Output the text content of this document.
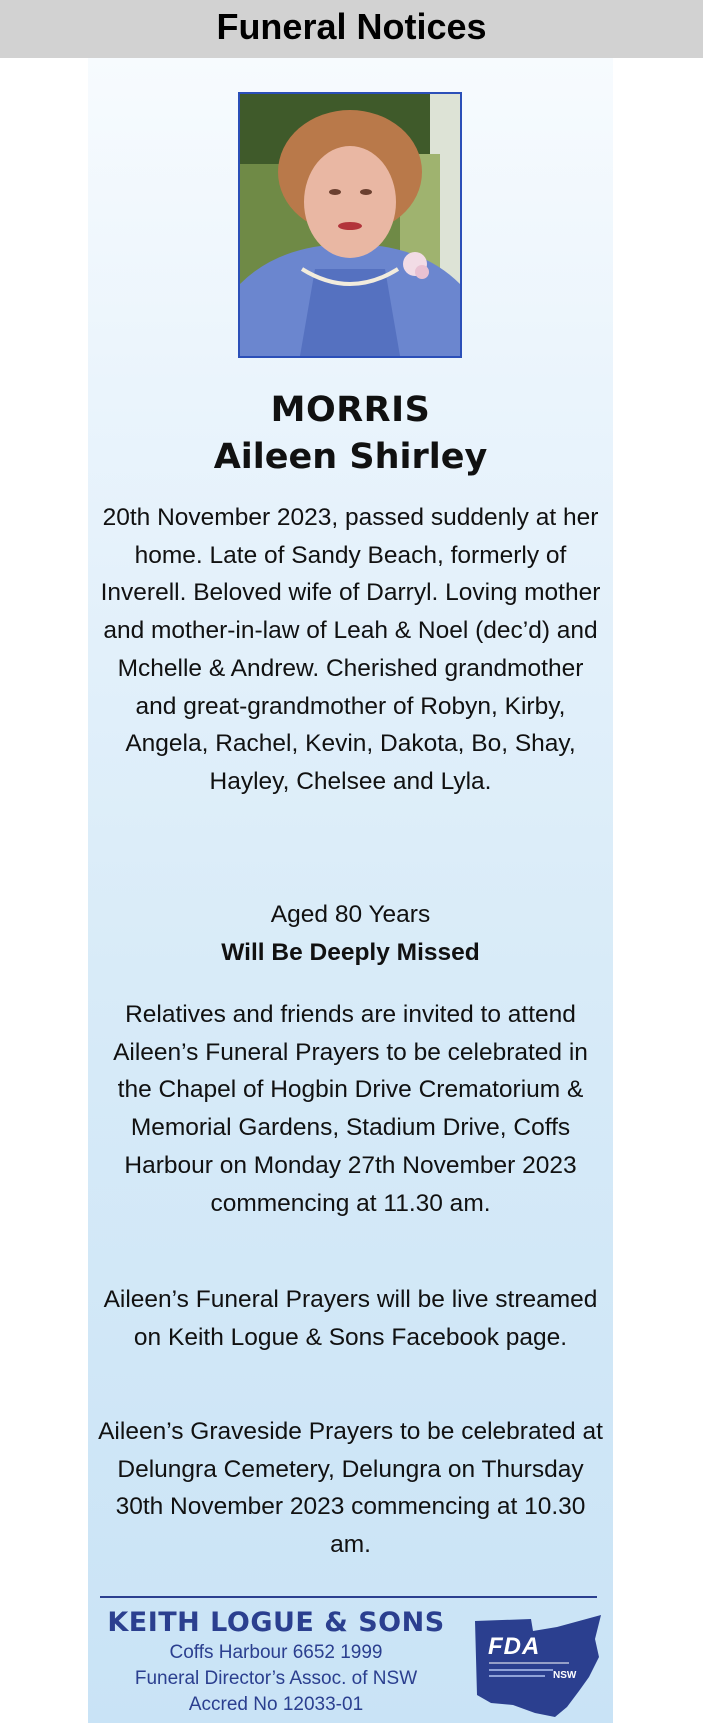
Funeral Notices
MORRIS
Aileen Shirley

20th November 2023, passed suddenly at her home. Late of Sandy Beach, formerly of Inverell. Beloved wife of Darryl. Loving mother and mother-in-law of Leah & Noel (dec’d) and Mchelle & Andrew. Cherished grandmother and great-grandmother of Robyn, Kirby, Angela, Rachel, Kevin, Dakota, Bo, Shay, Hayley, Chelsee and Lyla.

Aged 80 Years

Will Be Deeply Missed

Relatives and friends are invited to attend Aileen’s Funeral Prayers to be celebrated in the Chapel of Hogbin Drive Crematorium & Memorial Gardens, Stadium Drive, Coffs Harbour on Monday 27th November 2023 commencing at 11.30 am.

Aileen’s Funeral Prayers will be live streamed on Keith Logue & Sons Facebook page.

Aileen’s Graveside Prayers to be celebrated at Delungra Cemetery, Delungra on Thursday 30th November 2023 commencing at 10.30 am.

KEITH LOGUE & SONS
Coffs Harbour 6652 1999
Funeral Director’s Assoc. of NSW
Accred No 12033-01
FDA
NSW
